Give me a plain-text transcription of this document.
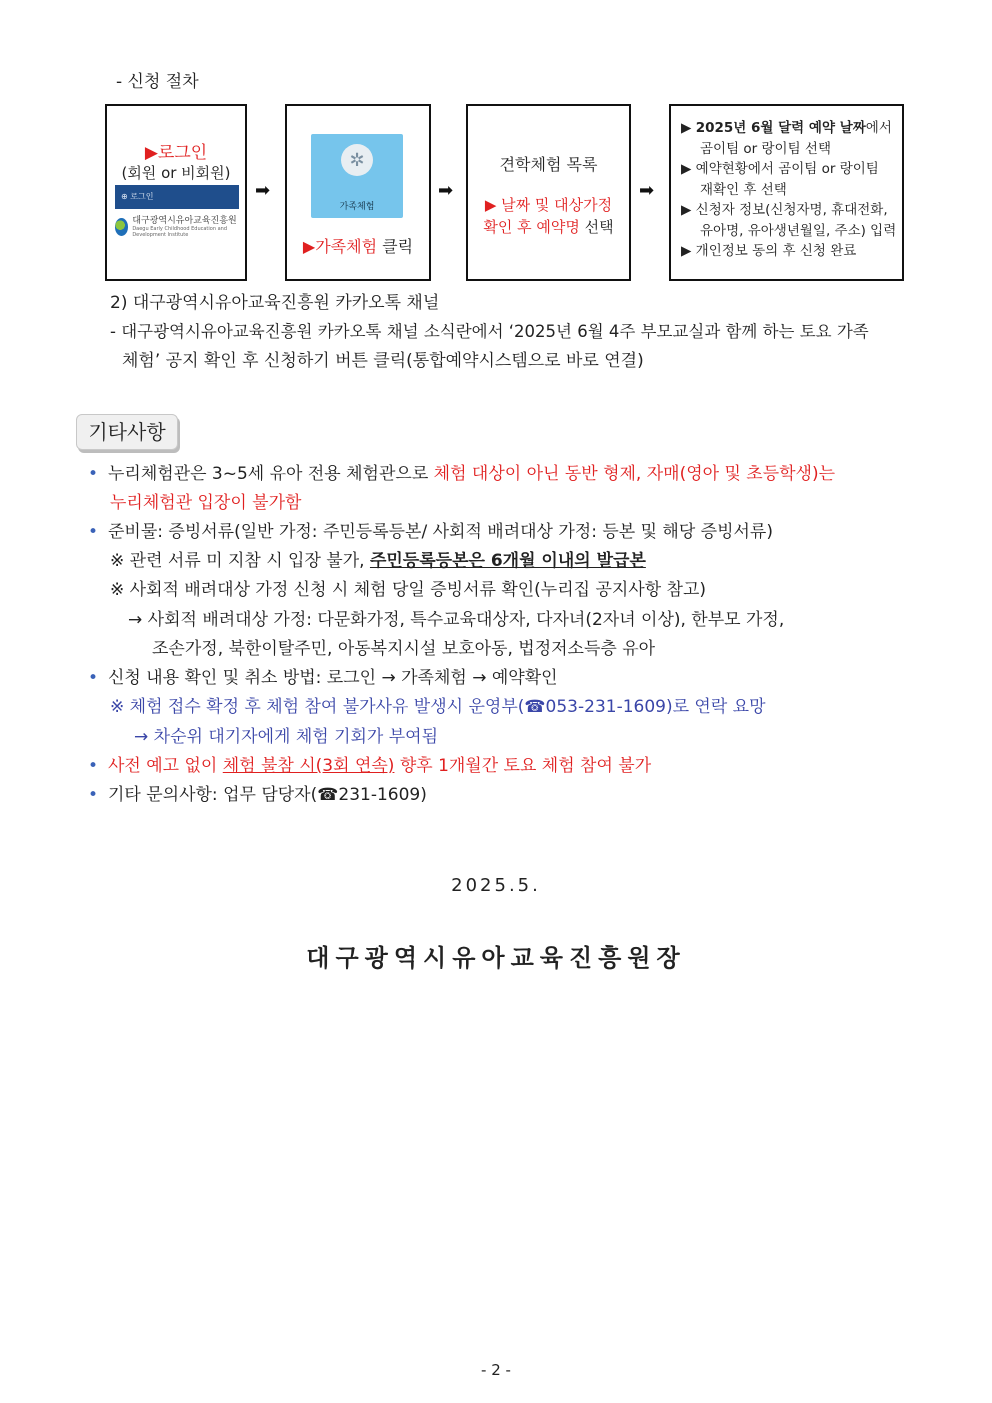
- 신청 절차
▶로그인
(회원 or 비회원)
⊕ 로그인
대구광역시유아교육진흥원
Daegu Early Childhood Education and Development Institute
➡
✲
가족체험
▶가족체험 클릭
➡
견학체험 목록
▶ 날짜 및 대상가정
확인 후 예약명 선택
➡
▶ 2025년 6월 달력 예약 날짜에서
곰이팀 or 랑이팀 선택
▶ 예약현황에서 곰이팀 or 랑이팀
재확인 후 선택
▶ 신청자 정보(신청자명, 휴대전화,
유아명, 유아생년월일, 주소) 입력
▶ 개인정보 동의 후 신청 완료
2) 대구광역시유아교육진흥원 카카오톡 채널
- 대구광역시유아교육진흥원 카카오톡 채널 소식란에서 ‘2025년 6월 4주 부모교실과 함께 하는 토요 가족
체험’ 공지 확인 후 신청하기 버튼 클릭(통합예약시스템으로 바로 연결)
기타사항
• 누리체험관은 3~5세 유아 전용 체험관으로 체험 대상이 아닌 동반 형제, 자매(영아 및 초등학생)는
누리체험관 입장이 불가함
• 준비물: 증빙서류(일반 가정: 주민등록등본/ 사회적 배려대상 가정: 등본 및 해당 증빙서류)
※ 관련 서류 미 지참 시 입장 불가, 주민등록등본은 6개월 이내의 발급본
※ 사회적 배려대상 가정 신청 시 체험 당일 증빙서류 확인(누리집 공지사항 참고)
→ 사회적 배려대상 가정: 다문화가정, 특수교육대상자, 다자녀(2자녀 이상), 한부모 가정,
조손가정, 북한이탈주민, 아동복지시설 보호아동, 법정저소득층 유아
• 신청 내용 확인 및 취소 방법: 로그인 → 가족체험 → 예약확인
※ 체험 접수 확정 후 체험 참여 불가사유 발생시 운영부(☎053-231-1609)로 연락 요망
→ 차순위 대기자에게 체험 기회가 부여됨
• 사전 예고 없이 체험 불참 시(3회 연속) 향후 1개월간 토요 체험 참여 불가
• 기타 문의사항: 업무 담당자(☎231-1609)
2025.5.
대구광역시유아교육진흥원장
- 2 -
